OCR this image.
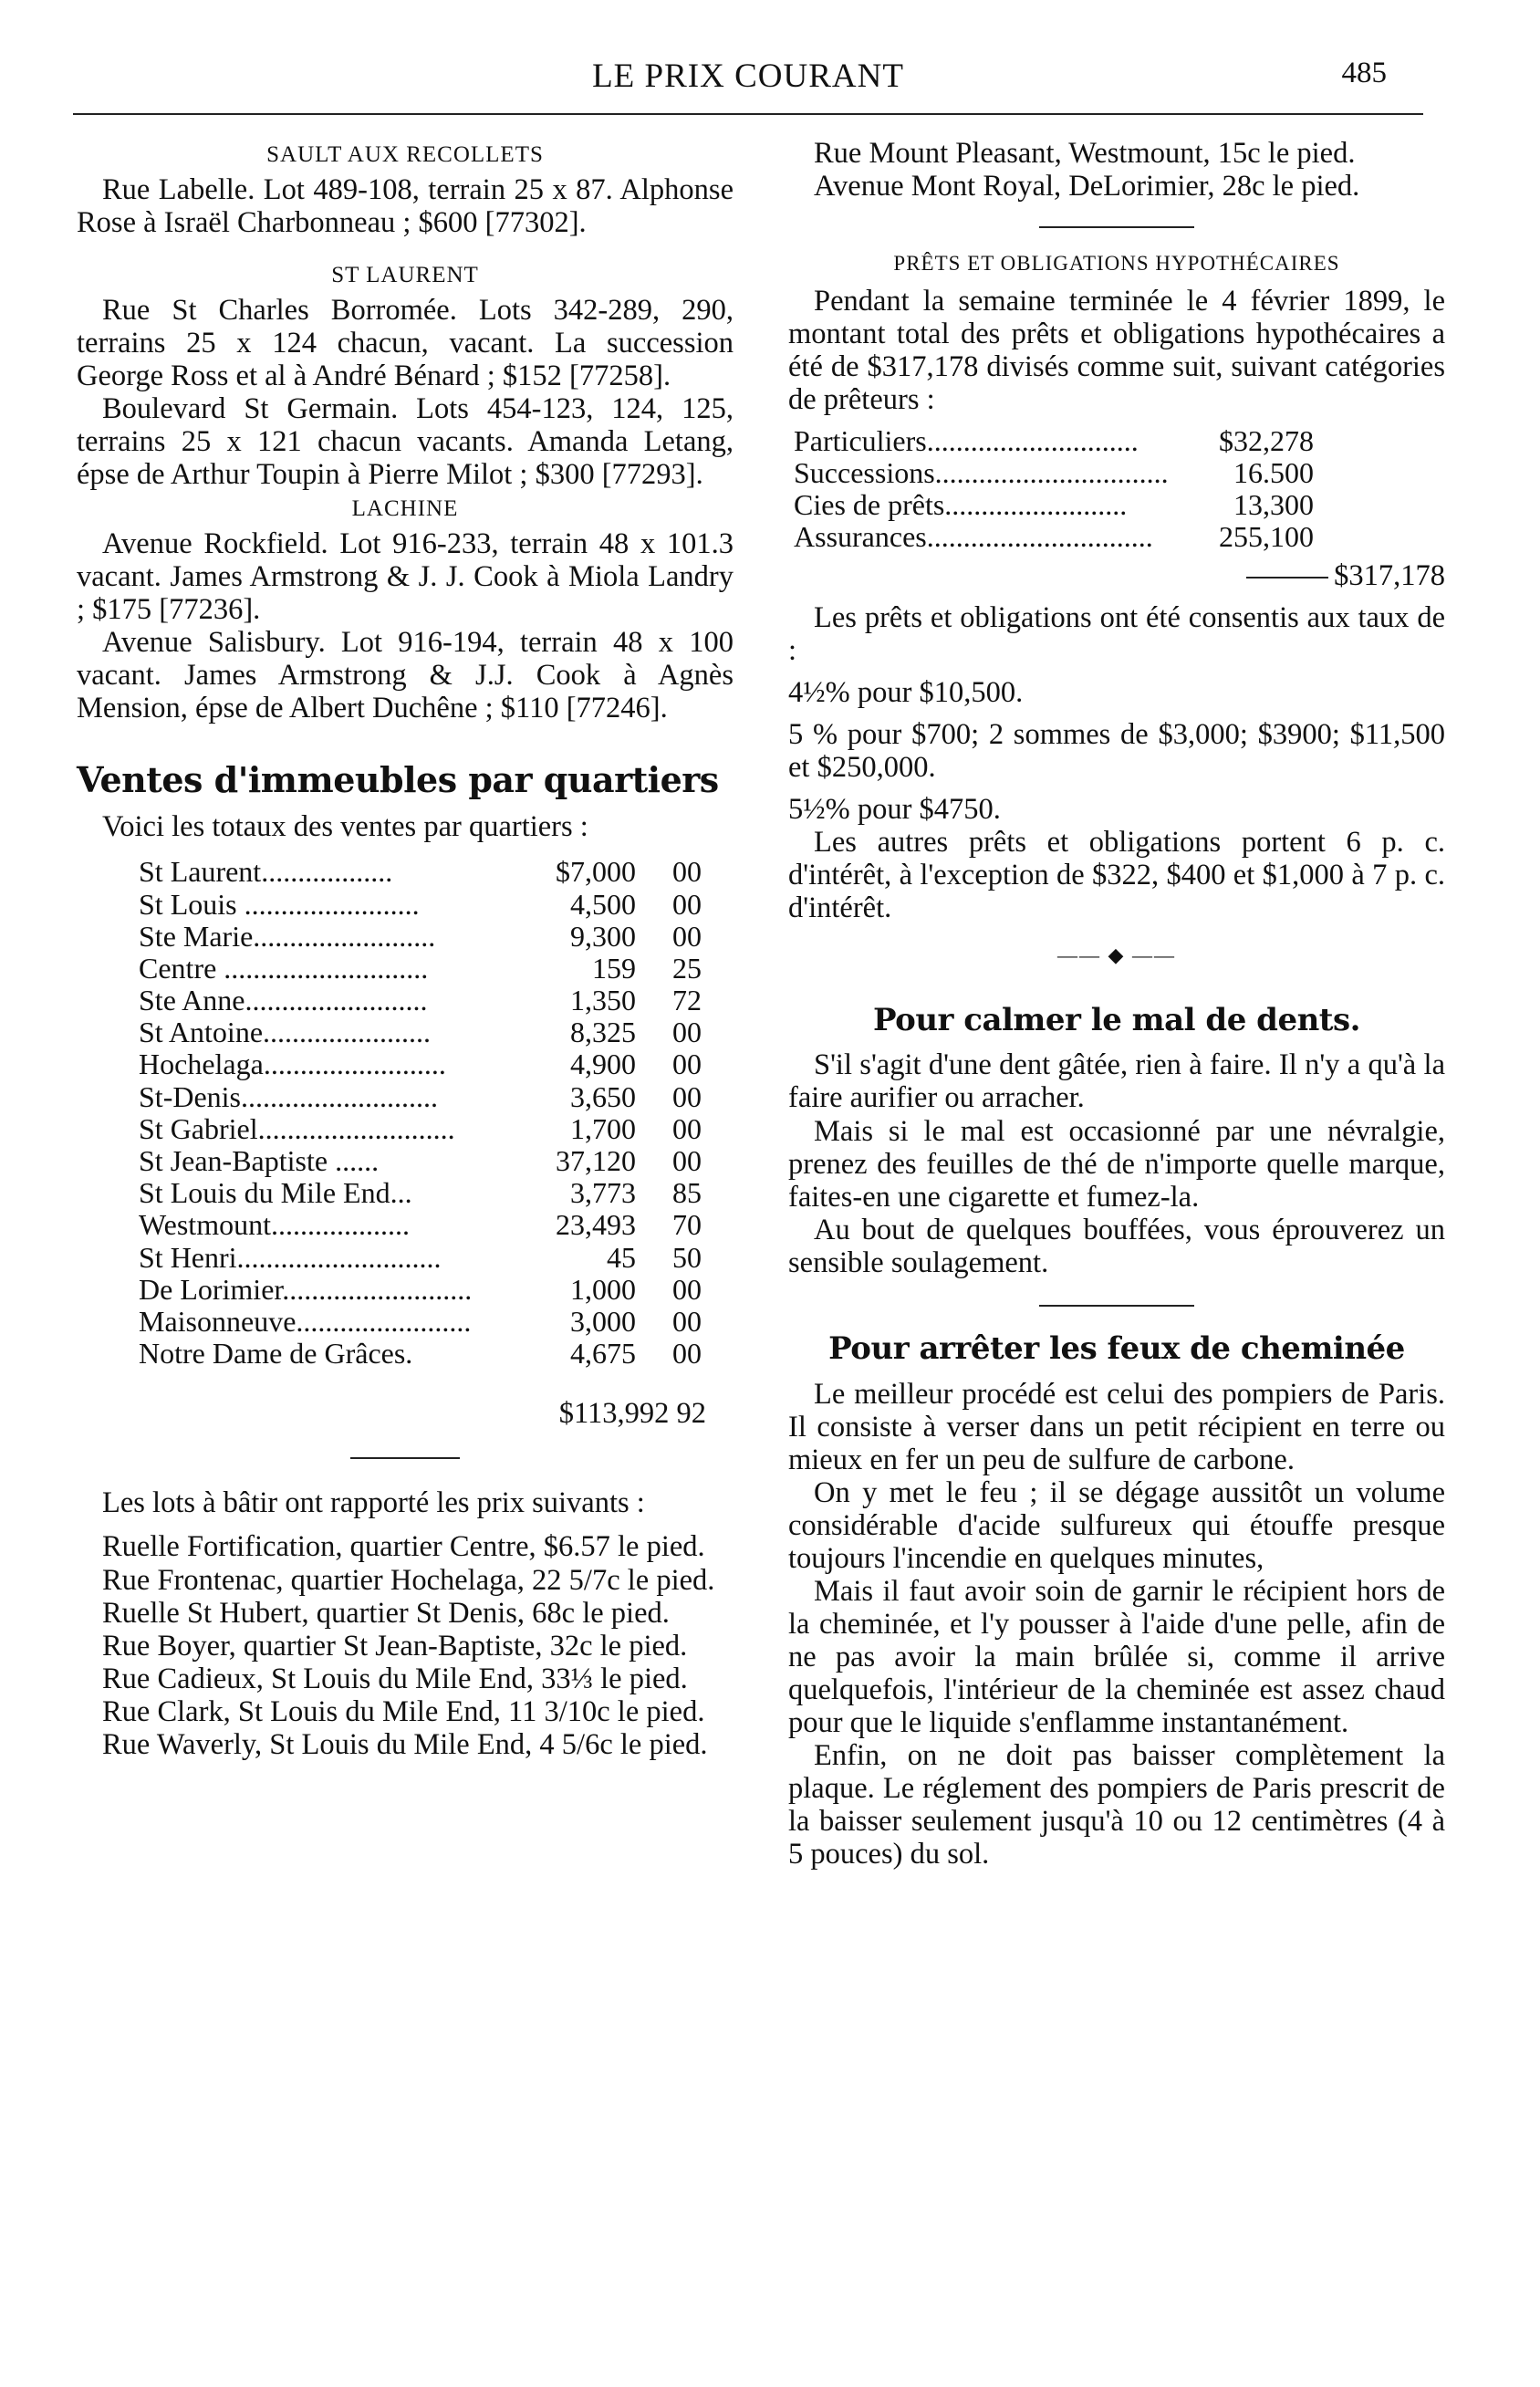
LE PRIX COURANT	485
SAULT AUX RECOLLETS

Rue Labelle. Lot 489-108, terrain 25 x 87. Alphonse Rose à Israël Charbonneau ; $600 [77302].

ST LAURENT

Rue St Charles Borromée. Lots 342-289, 290, terrains 25 x 124 chacun, vacant. La succession George Ross et al à André Bénard ; $152 [77258].

Boulevard St Germain. Lots 454-123, 124, 125, terrains 25 x 121 chacun vacants. Amanda Letang, épse de Arthur Toupin à Pierre Milot ; $300 [77293].

LACHINE

Avenue Rockfield. Lot 916-233, terrain 48 x 101.3 vacant. James Armstrong & J. J. Cook à Miola Landry ; $175 [77236].

Avenue Salisbury. Lot 916-194, terrain 48 x 100 vacant. James Armstrong & J.J. Cook à Agnès Mension, épse de Albert Duchêne ; $110 [77246].

Ventes d'immeubles par quartiers

Voici les totaux des ventes par quartiers :

St Laurent..................	$7,000	00
St Louis ........................	4,500	00
Ste Marie.........................	9,300	00
Centre ............................	159	25
Ste Anne.........................	1,350	72
St Antoine.......................	8,325	00
Hochelaga.........................	4,900	00
St-Denis...........................	3,650	00
St Gabriel...........................	1,700	00
St Jean-Baptiste ......	37,120	00
St Louis du Mile End...	3,773	85
Westmount...................	23,493	70
St Henri............................	45	50
De Lorimier..........................	1,000	00
Maisonneuve........................	3,000	00
Notre Dame de Grâces.	4,675	00
$113,992 92

Les lots à bâtir ont rapporté les prix suivants :

Ruelle Fortification, quartier Centre, $6.57 le pied.

Rue Frontenac, quartier Hochelaga, 22 5/7c le pied.

Ruelle St Hubert, quartier St Denis, 68c le pied.

Rue Boyer, quartier St Jean-Baptiste, 32c le pied.

Rue Cadieux, St Louis du Mile End, 33⅓ le pied.

Rue Clark, St Louis du Mile End, 11 3/10c le pied.

Rue Waverly, St Louis du Mile End, 4 5/6c le pied.

Rue Mount Pleasant, Westmount, 15c le pied.

Avenue Mont Royal, DeLorimier, 28c le pied.

PRÊTS ET OBLIGATIONS HYPOTHÉCAIRES

Pendant la semaine terminée le 4 février 1899, le montant total des prêts et obligations hypothécaires a été de $317,178 divisés comme suit, suivant catégories de prêteurs :

Particuliers.............................	$32,278
Successions................................	16.500
Cies de prêts.........................	13,300
Assurances...............................	255,100
$317,178

Les prêts et obligations ont été consentis aux taux de :

4½% pour $10,500.

5 % pour $700; 2 sommes de $3,000; $3900; $11,500 et $250,000.

5½% pour $4750.

Les autres prêts et obligations portent 6 p. c. d'intérêt, à l'exception de $322, $400 et $1,000 à 7 p. c. d'intérêt.

—— ◆ ——
Pour calmer le mal de dents.

S'il s'agit d'une dent gâtée, rien à faire. Il n'y a qu'à la faire aurifier ou arracher.

Mais si le mal est occasionné par une névralgie, prenez des feuilles de thé de n'importe quelle marque, faites-en une cigarette et fumez-la.

Au bout de quelques bouffées, vous éprouverez un sensible soulagement.

Pour arrêter les feux de cheminée

Le meilleur procédé est celui des pompiers de Paris. Il consiste à verser dans un petit récipient en terre ou mieux en fer un peu de sulfure de carbone.

On y met le feu ; il se dégage aussitôt un volume considérable d'acide sulfureux qui étouffe presque toujours l'incendie en quelques minutes,

Mais il faut avoir soin de garnir le récipient hors de la cheminée, et l'y pousser à l'aide d'une pelle, afin de ne pas avoir la main brûlée si, comme il arrive quelquefois, l'intérieur de la cheminée est assez chaud pour que le liquide s'enflamme instantanément.

Enfin, on ne doit pas baisser complètement la plaque. Le réglement des pompiers de Paris prescrit de la baisser seulement jusqu'à 10 ou 12 centimètres (4 à 5 pouces) du sol.
